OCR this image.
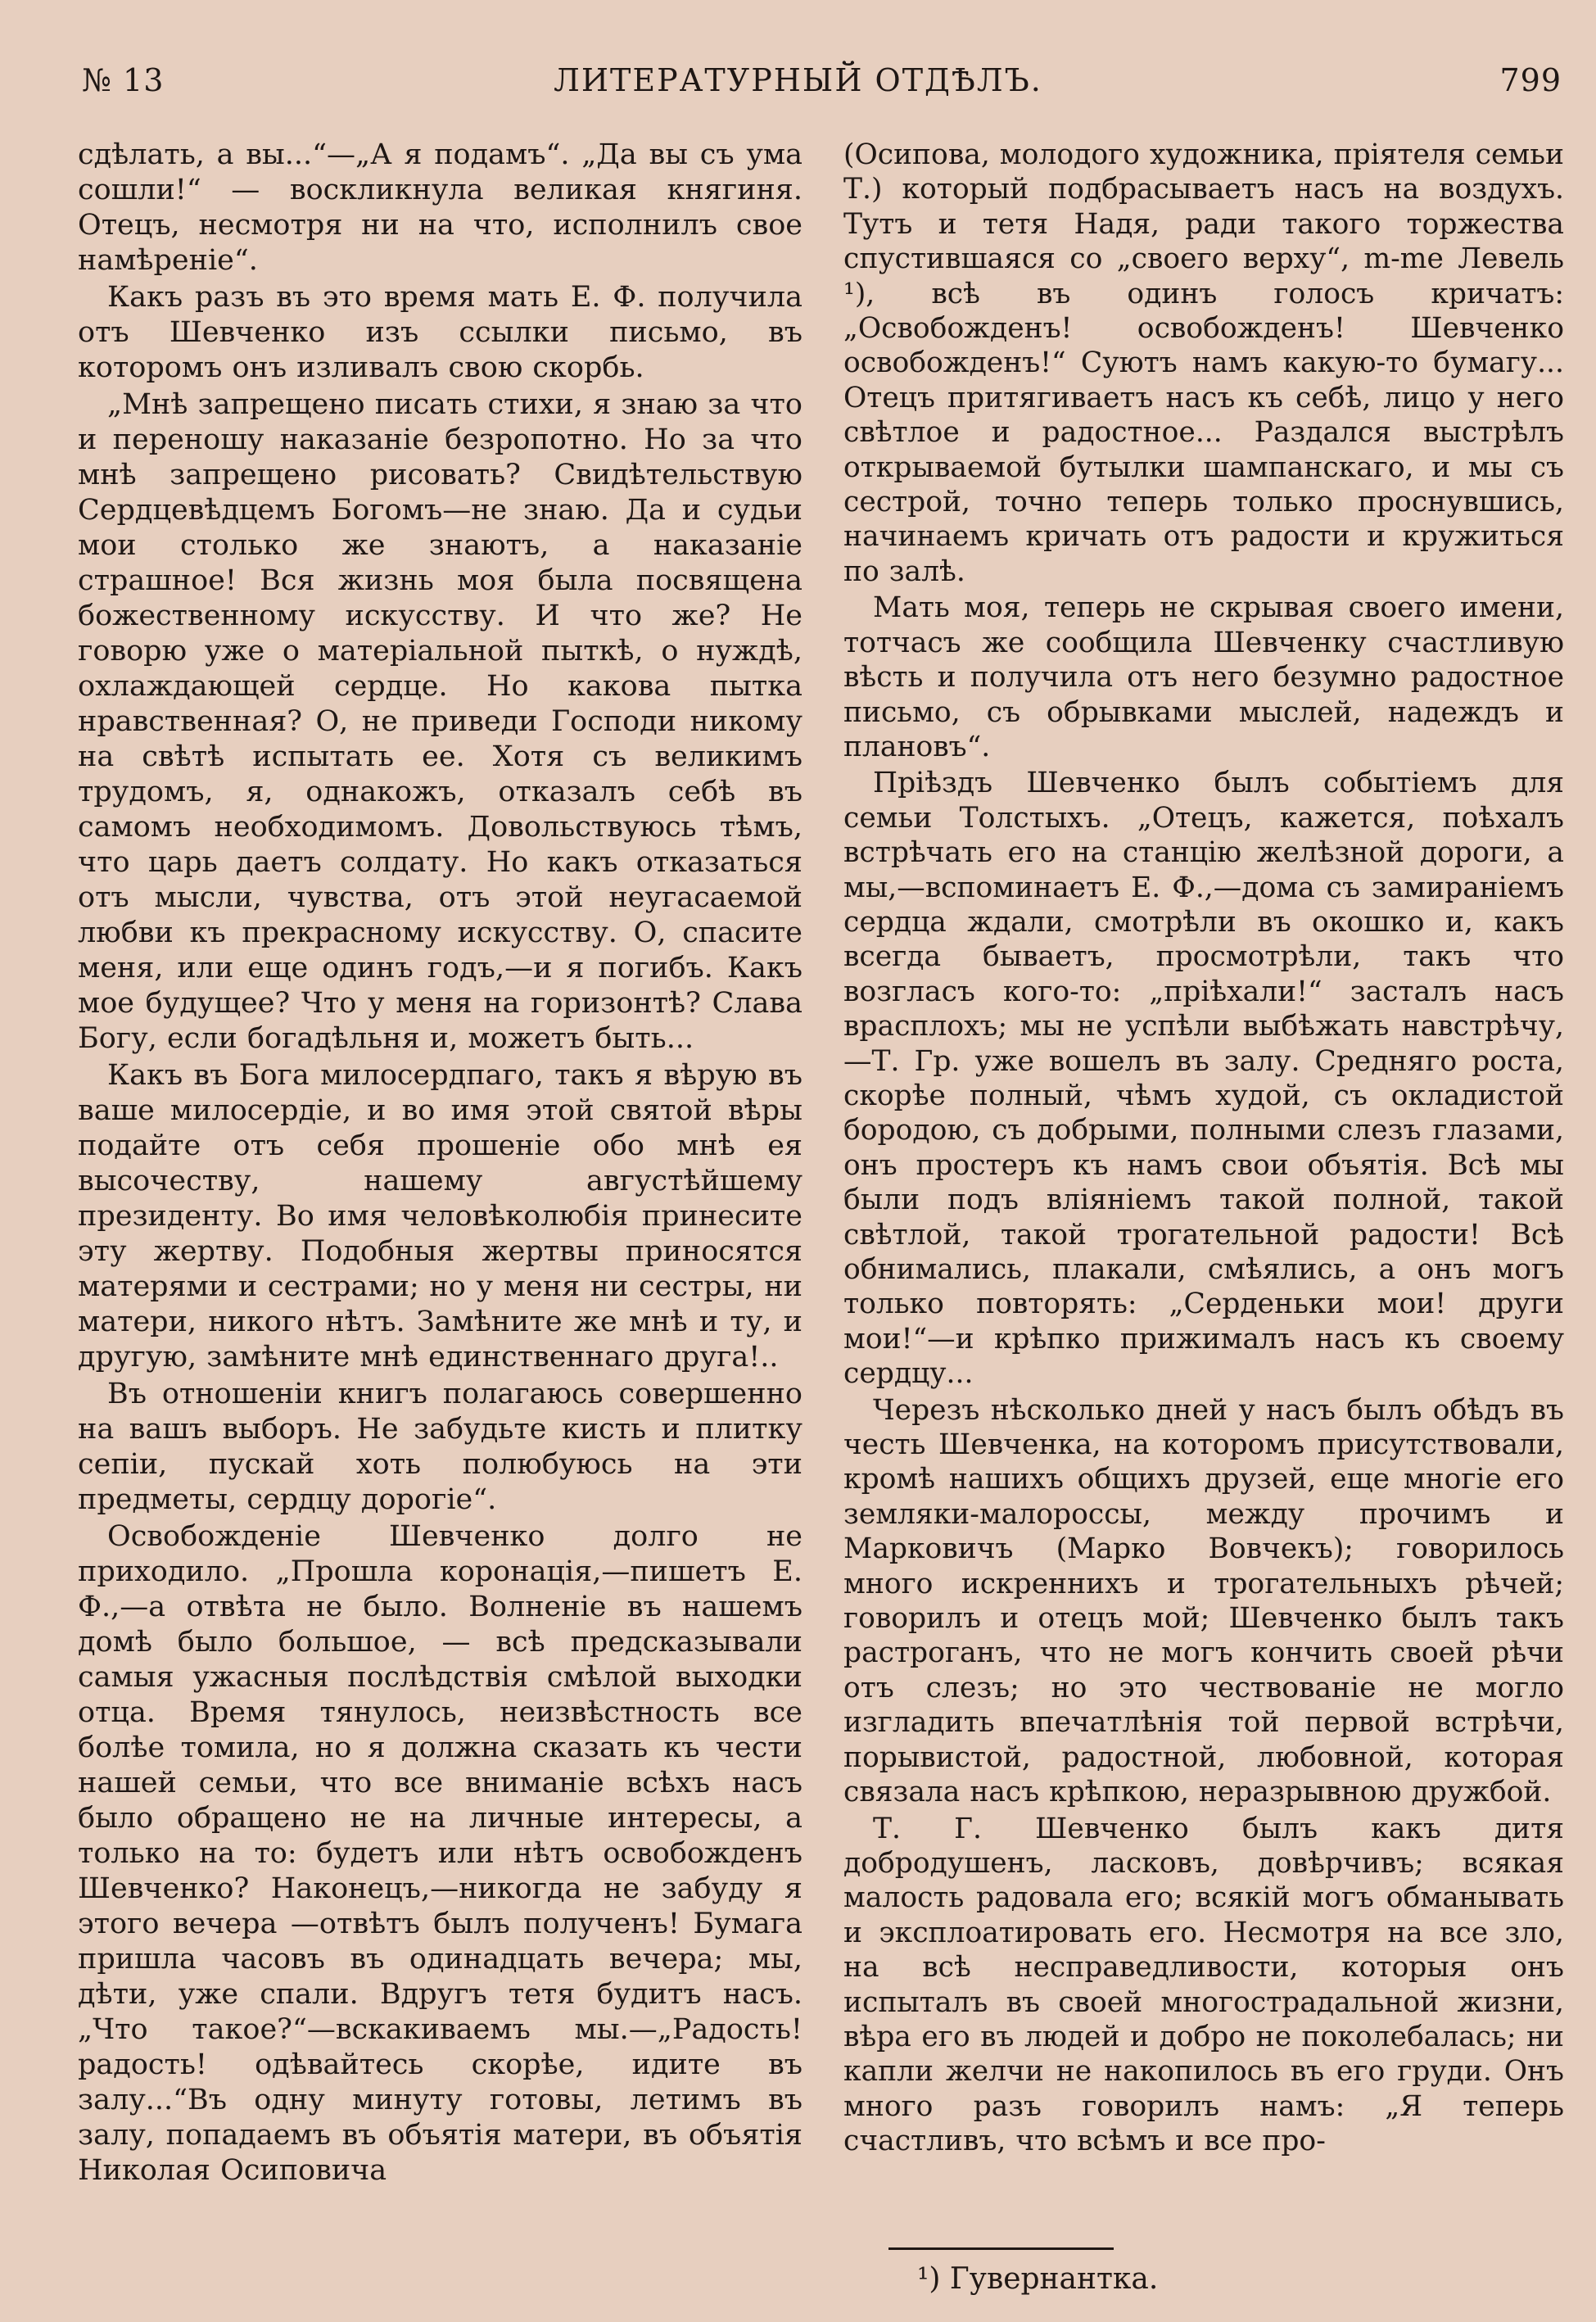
№ 13	ЛИТЕРАТУРНЫЙ ОТДѢЛЪ.	799

сдѣлать, а вы...“—„А я подамъ“. „Да вы съ ума сошли!“ — воскликнула великая княгиня. Отецъ, несмотря ни на что, исполнилъ свое намѣреніе“.

Какъ разъ въ это время мать Е. Ф. получила отъ Шевченко изъ ссылки письмо, въ которомъ онъ изливалъ свою скорбь.

„Мнѣ запрещено писать стихи, я знаю за что и переношу наказаніе безропотно. Но за что мнѣ запрещено рисовать? Свидѣтельствую Сердцевѣдцемъ Богомъ—не знаю. Да и судьи мои столько же знаютъ, а наказаніе страшное! Вся жизнь моя была посвящена божественному искусству. И что же? Не говорю уже о матеріальной пыткѣ, о нуждѣ, охлаждающей сердце. Но какова пытка нравственная? О, не приведи Господи никому на свѣтѣ испытать ее. Хотя съ великимъ трудомъ, я, однакожъ, отказалъ себѣ въ самомъ необходимомъ. Довольствуюсь тѣмъ, что царь даетъ солдату. Но какъ отказаться отъ мысли, чувства, отъ этой неугасаемой любви къ прекрасному искусству. О, спасите меня, или еще одинъ годъ,—и я погибъ. Какъ мое будущее? Что у меня на горизонтѣ? Слава Богу, если богадѣльня и, можетъ быть...

Какъ въ Бога милосердпаго, такъ я вѣрую въ ваше милосердіе, и во имя этой святой вѣры подайте отъ себя прошеніе обо мнѣ ея высочеству, нашему августѣйшему президенту. Во имя человѣколюбія принесите эту жертву. Подобныя жертвы приносятся матерями и сестрами; но у меня ни сестры, ни матери, никого нѣтъ. Замѣните же мнѣ и ту, и другую, замѣните мнѣ единственнаго друга!..

Въ отношеніи книгъ полагаюсь совершенно на вашъ выборъ. Не забудьте кисть и плитку сепіи, пускай хоть полюбуюсь на эти предметы, сердцу дорогіе“.

Освобожденіе Шевченко долго не приходило. „Прошла коронація,—пишетъ Е. Ф.,—а отвѣта не было. Волненіе въ нашемъ домѣ было большое, — всѣ предсказывали самыя ужасныя послѣдствія смѣлой выходки отца. Время тянулось, неизвѣстность все болѣе томила, но я должна сказать къ чести нашей семьи, что все вниманіе всѣхъ насъ было обращено не на личные интересы, а только на то: будетъ или нѣтъ освобожденъ Шевченко? Наконецъ,—никогда не забуду я этого вечера —отвѣтъ былъ полученъ! Бумага пришла часовъ въ одинадцать вечера; мы, дѣти, уже спали. Вдругъ тетя будитъ насъ. „Что такое?“—вскакиваемъ мы.—„Радость! радость! одѣвайтесь скорѣе, идите въ залу...“Въ одну минуту готовы, летимъ въ залу, попадаемъ въ объятія матери, въ объятія Николая Осиповича

(Осипова, молодого художника, пріятеля семьи Т.) который подбрасываетъ насъ на воздухъ. Тутъ и тетя Надя, ради такого торжества спустившаяся со „своего верху“, m-me Левель ¹), всѣ въ одинъ голосъ кричатъ: „Освобожденъ! освобожденъ! Шевченко освобожденъ!“ Суютъ намъ какую-то бумагу... Отецъ притягиваетъ насъ къ себѣ, лицо у него свѣтлое и радостное... Раздался выстрѣлъ открываемой бутылки шампанскаго, и мы съ сестрой, точно теперь только проснувшись, начинаемъ кричать отъ радости и кружиться по залѣ.

Мать моя, теперь не скрывая своего имени, тотчасъ же сообщила Шевченку счастливую вѣсть и получила отъ него безумно радостное письмо, съ обрывками мыслей, надеждъ и плановъ“.

Пріѣздъ Шевченко былъ событіемъ для семьи Толстыхъ. „Отецъ, кажется, поѣхалъ встрѣчать его на станцію желѣзной дороги, а мы,—вспоминаетъ Е. Ф.,—дома съ замираніемъ сердца ждали, смотрѣли въ окошко и, какъ всегда бываетъ, просмотрѣли, такъ что возгласъ кого-то: „пріѣхали!“ засталъ насъ врасплохъ; мы не успѣли выбѣжать навстрѣчу,—Т. Гр. уже вошелъ въ залу. Средняго роста, скорѣе полный, чѣмъ худой, съ окладистой бородою, съ добрыми, полными слезъ глазами, онъ простеръ къ намъ свои объятія. Всѣ мы были подъ вліяніемъ такой полной, такой свѣтлой, такой трогательной радости! Всѣ обнимались, плакали, смѣялись, а онъ могъ только повторять: „Серденьки мои! други мои!“—и крѣпко прижималъ насъ къ своему сердцу...

Черезъ нѣсколько дней у насъ былъ обѣдъ въ честь Шевченка, на которомъ присутствовали, кромѣ нашихъ общихъ друзей, еще многіе его земляки-малороссы, между прочимъ и Марковичъ (Марко Вовчекъ); говорилось много искреннихъ и трогательныхъ рѣчей; говорилъ и отецъ мой; Шевченко былъ такъ растроганъ, что не могъ кончить своей рѣчи отъ слезъ; но это чествованіе не могло изгладить впечатлѣнія той первой встрѣчи, порывистой, радостной, любовной, которая связала насъ крѣпкою, неразрывною дружбой.

Т. Г. Шевченко былъ какъ дитя добродушенъ, ласковъ, довѣрчивъ; всякая малость радовала его; всякій могъ обманывать и эксплоатировать его. Несмотря на все зло, на всѣ несправедливости, которыя онъ испыталъ въ своей многострадальной жизни, вѣра его въ людей и добро не поколебалась; ни капли желчи не накопилось въ его груди. Онъ много разъ говорилъ намъ: „Я теперь счастливъ, что всѣмъ и все про-

¹) Гувернантка.
